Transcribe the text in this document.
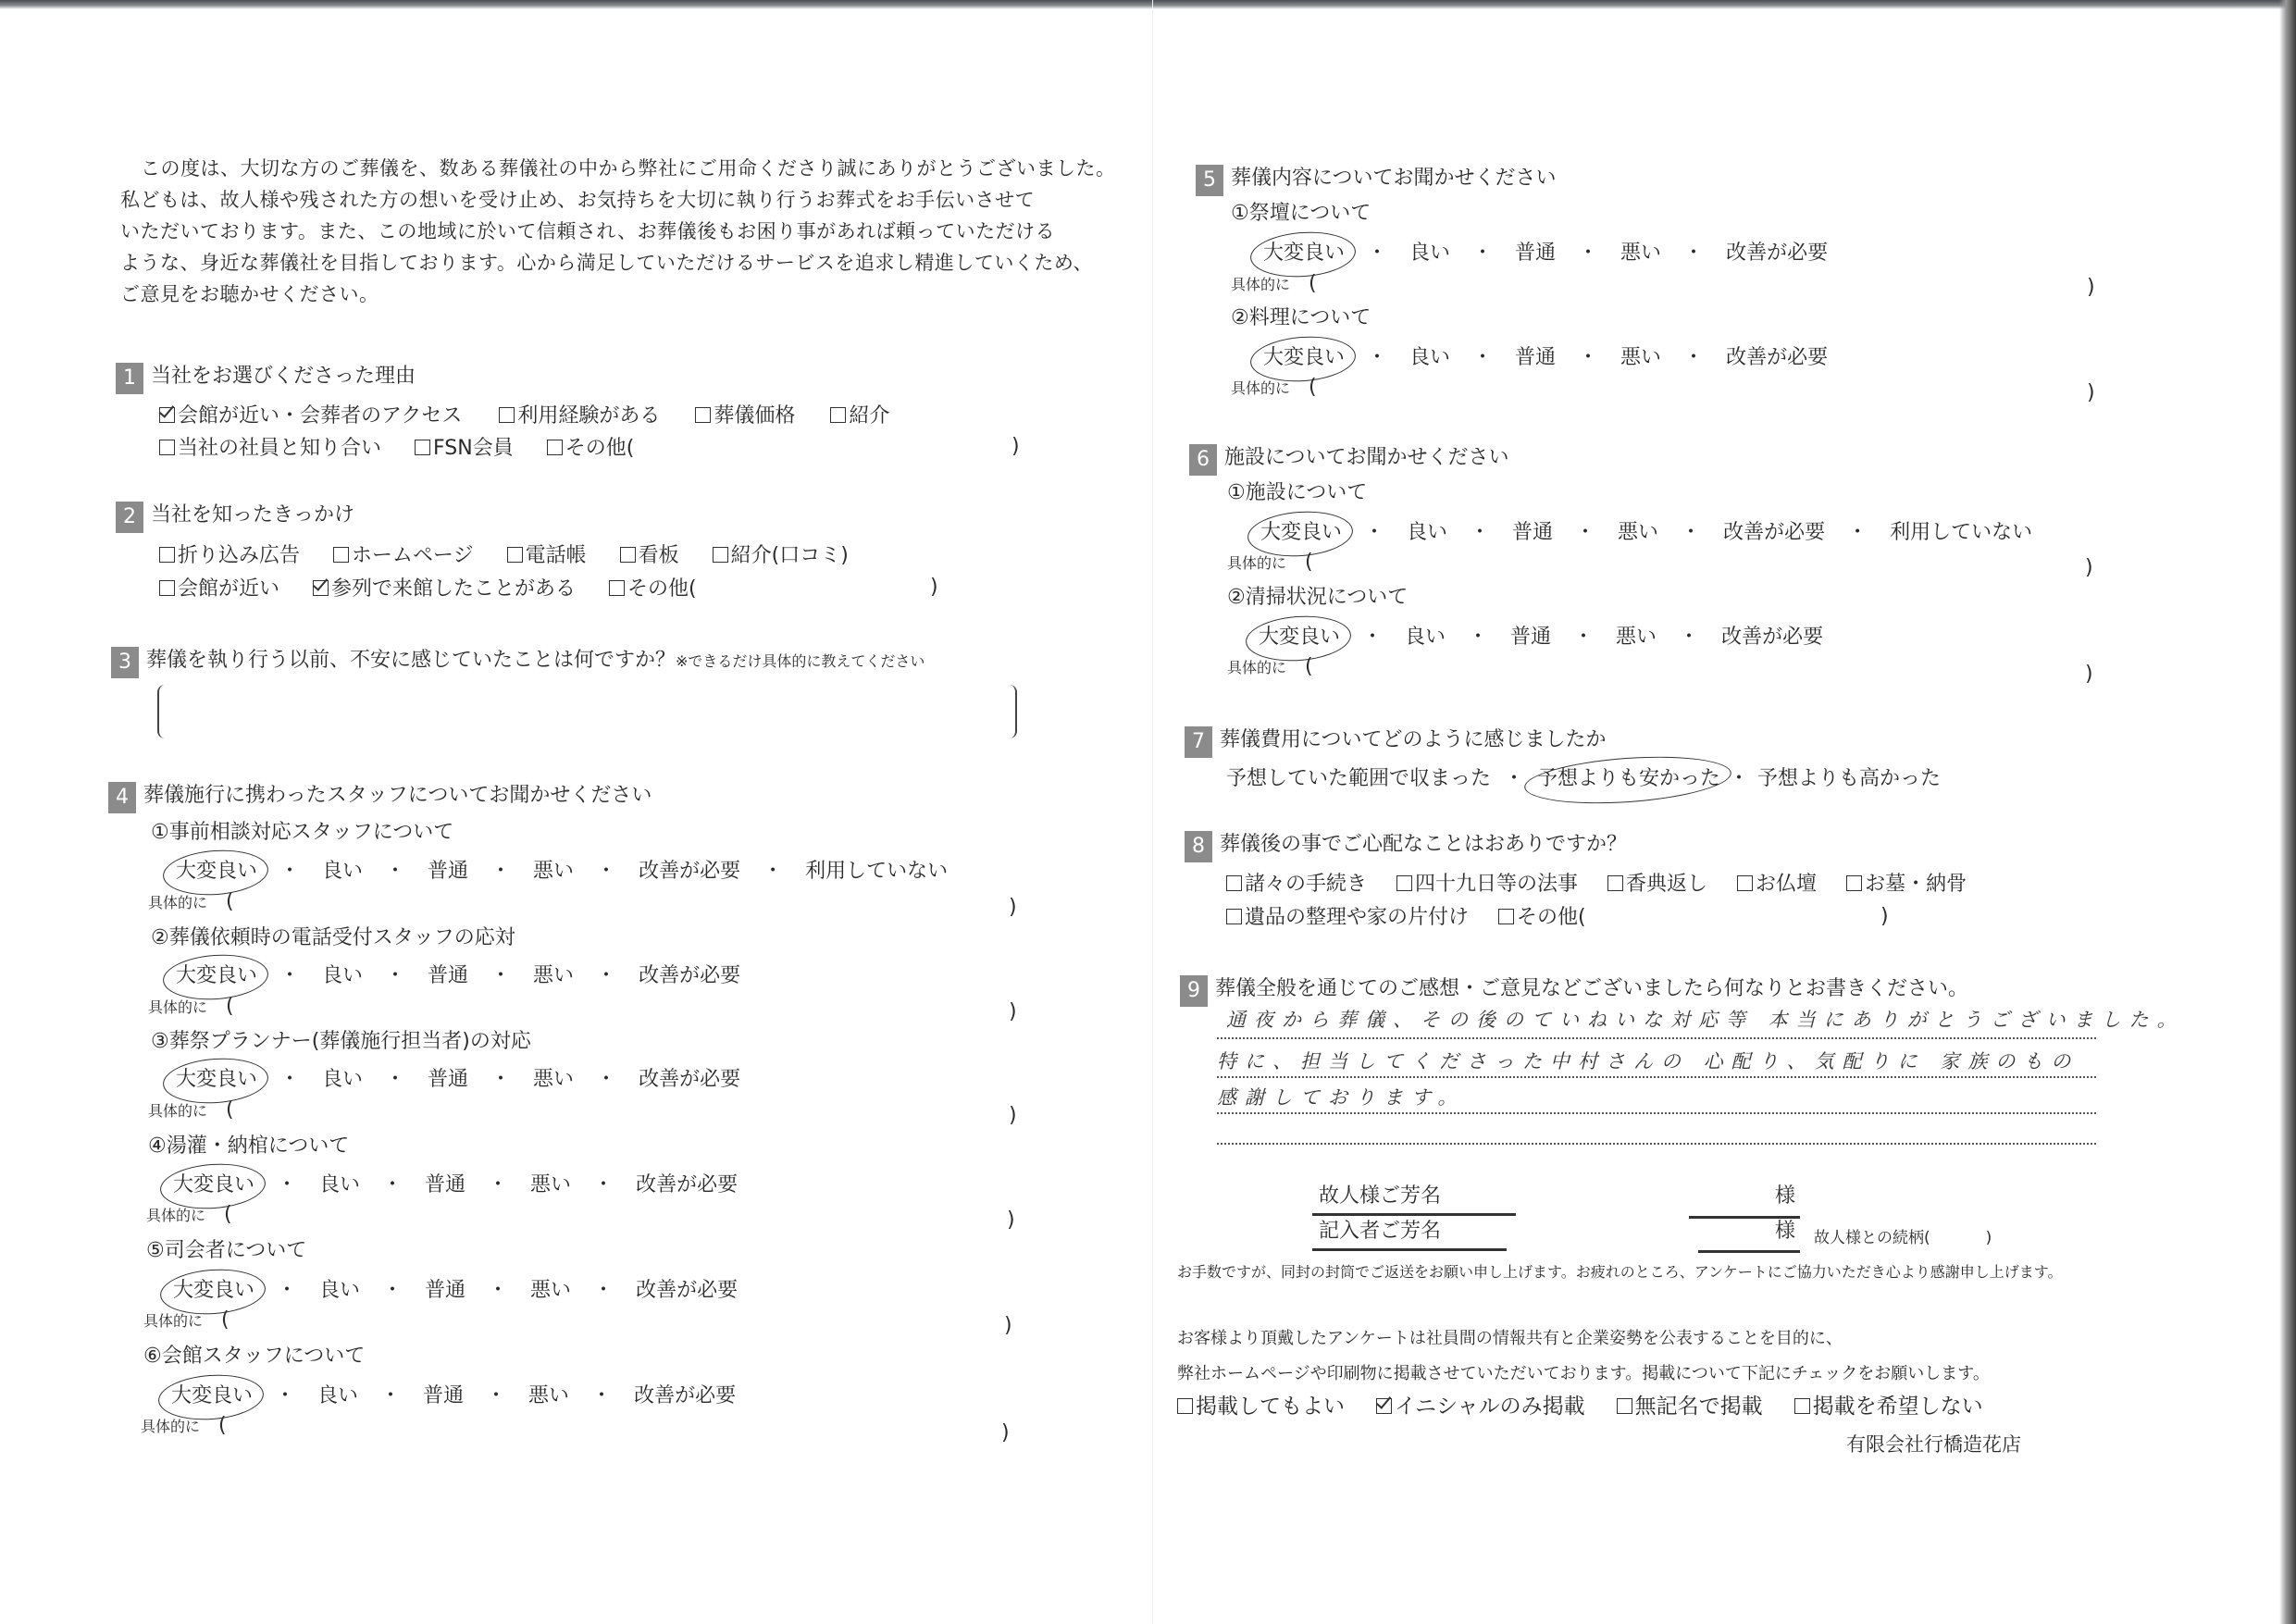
この度は、大切な方のご葬儀を、数ある葬儀社の中から弊社にご用命くださり誠にありがとうございました。

私どもは、故人様や残された方の想いを受け止め、お気持ちを大切に執り行うお葬式をお手伝いさせて

いただいております。また、この地域に於いて信頼され、お葬儀後もお困り事があれば頼っていただける

ような、身近な葬儀社を目指しております。心から満足していただけるサービスを追求し精進していくため、

ご意見をお聴かせください。

1 当社をお選びくださった理由
会館が近い・会葬者のアクセス	利用経験がある	葬儀価格	紹介
当社の社員と知り合い	FSN会員	その他(	)
2 当社を知ったきっかけ
折り込み広告	ホームページ	電話帳	看板	紹介(口コミ)
会館が近い	参列で来館したことがある	その他(	)
3 葬儀を執り行う以前、不安に感じていたことは何ですか？※できるだけ具体的に教えてください
4 葬儀施行に携わったスタッフについてお聞かせください
①事前相談対応スタッフについて
大変良い ・ 良い ・ 普通 ・ 悪い ・ 改善が必要 ・ 利用していない
具体的に (	)
②葬儀依頼時の電話受付スタッフの応対
大変良い ・ 良い ・ 普通 ・ 悪い ・ 改善が必要
具体的に (	)
③葬祭プランナー(葬儀施行担当者)の対応
大変良い ・ 良い ・ 普通 ・ 悪い ・ 改善が必要
具体的に (	)
④湯灌・納棺について
大変良い ・ 良い ・ 普通 ・ 悪い ・ 改善が必要
具体的に (	)
⑤司会者について
大変良い ・ 良い ・ 普通 ・ 悪い ・ 改善が必要
具体的に (	)
⑥会館スタッフについて
大変良い ・ 良い ・ 普通 ・ 悪い ・ 改善が必要
具体的に (	)
5 葬儀内容についてお聞かせください
①祭壇について
大変良い ・ 良い ・ 普通 ・ 悪い ・ 改善が必要
具体的に (	)
②料理について
大変良い ・ 良い ・ 普通 ・ 悪い ・ 改善が必要
具体的に (	)
6 施設についてお聞かせください
①施設について
大変良い ・ 良い ・ 普通 ・ 悪い ・ 改善が必要 ・ 利用していない
具体的に (	)
②清掃状況について
大変良い ・ 良い ・ 普通 ・ 悪い ・ 改善が必要
具体的に (	)
7 葬儀費用についてどのように感じましたか
予想していた範囲で収まった ・ 予想よりも安かった ・ 予想よりも高かった
8 葬儀後の事でご心配なことはおありですか？
諸々の手続き 四十九日等の法事 香典返し お仏壇 お墓・納骨
遺品の整理や家の片付け その他(	)
9 葬儀全般を通じてのご感想・ご意見などございましたら何なりとお書きください。
通夜から葬儀、その後のていねいな対応等 本当にありがとうございました。
特に、担当してくださった中村さんの 心配り、気配りに 家族のもの
感謝しております。
故人様ご芳名	様
記入者ご芳名	様 故人様との続柄(	)
お手数ですが、同封の封筒でご返送をお願い申し上げます。お疲れのところ、アンケートにご協力いただき心より感謝申し上げます。
お客様より頂戴したアンケートは社員間の情報共有と企業姿勢を公表することを目的に、
弊社ホームページや印刷物に掲載させていただいております。掲載について下記にチェックをお願いします。
掲載してもよい イニシャルのみ掲載 無記名で掲載 掲載を希望しない
有限会社行橋造花店
